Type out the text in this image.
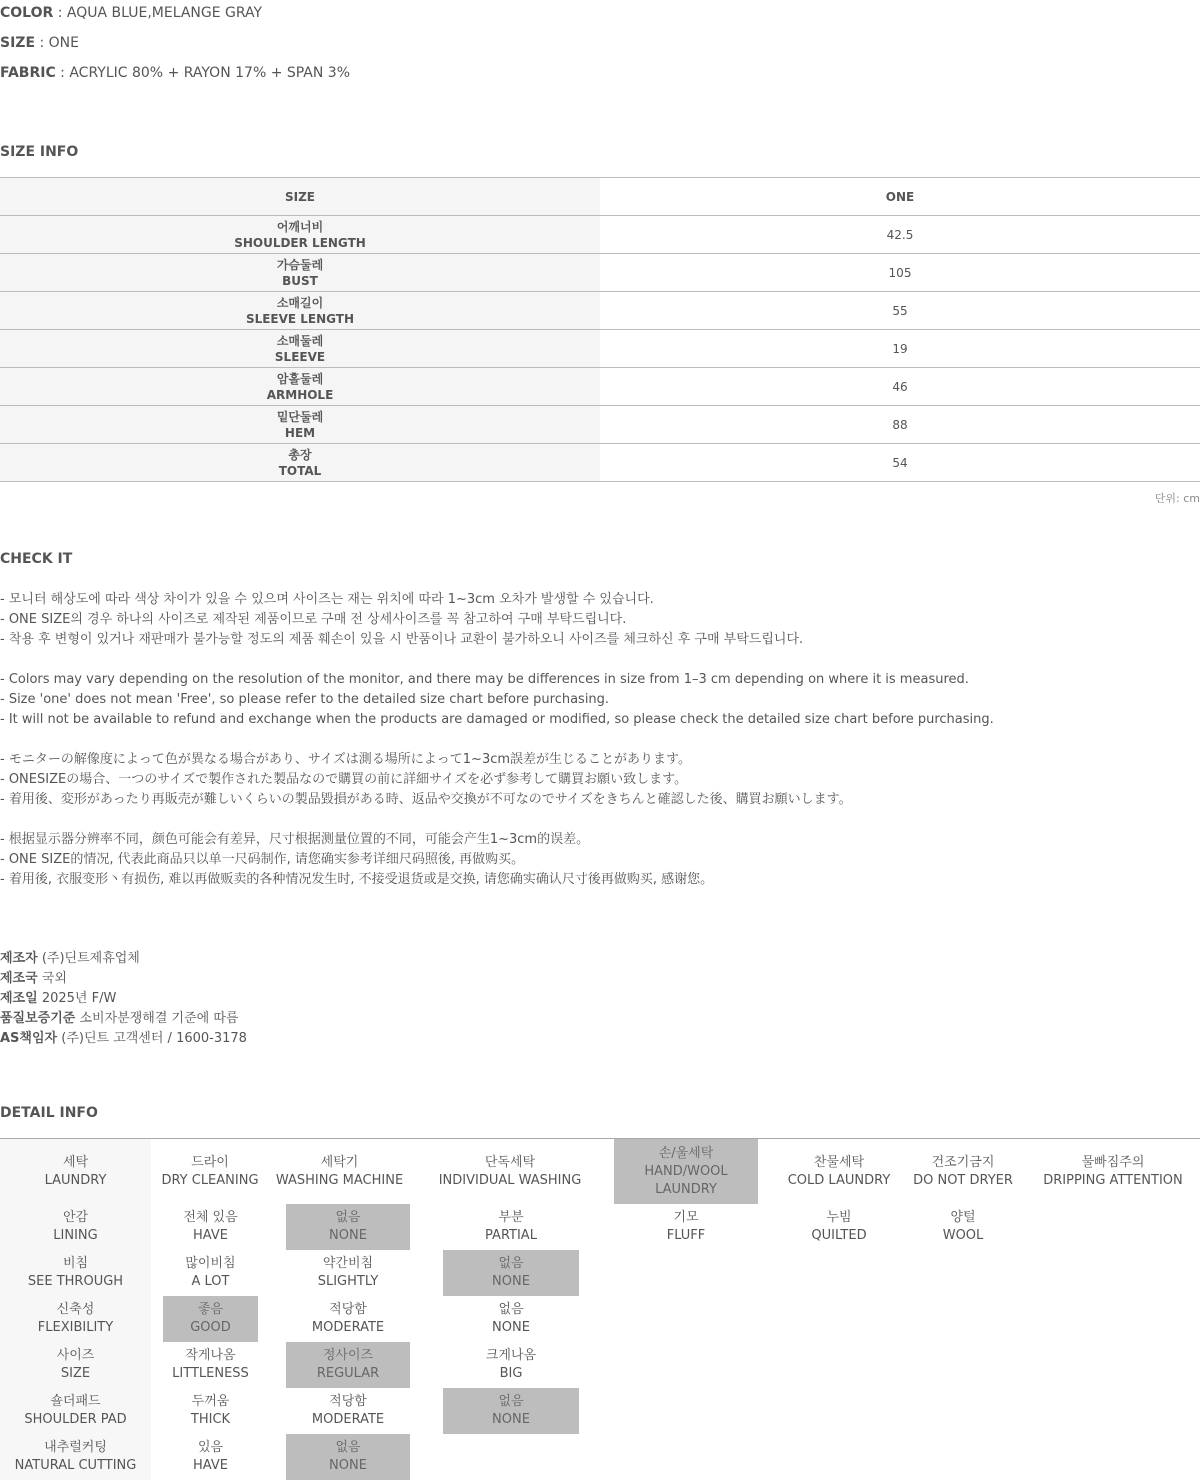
COLOR : AQUA BLUE,MELANGE GRAY
SIZE : ONE
FABRIC : ACRYLIC 80% + RAYON 17% + SPAN 3%
SIZE INFO
SIZE	ONE
어깨너비
SHOULDER LENGTH
42.5
가슴둘레
BUST
105
소매길이
SLEEVE LENGTH
55
소매둘레
SLEEVE
19
암홀둘레
ARMHOLE
46
밑단둘레
HEM
88
총장
TOTAL
54
단위: cm
CHECK IT
- 모니터 해상도에 따라 색상 차이가 있을 수 있으며 사이즈는 재는 위치에 따라 1~3cm 오차가 발생할 수 있습니다.
- ONE SIZE의 경우 하나의 사이즈로 제작된 제품이므로 구매 전 상세사이즈를 꼭 참고하여 구매 부탁드립니다.
- 착용 후 변형이 있거나 재판매가 불가능할 정도의 제품 훼손이 있을 시 반품이나 교환이 불가하오니 사이즈를 체크하신 후 구매 부탁드립니다.
- Colors may vary depending on the resolution of the monitor, and there may be differences in size from 1–3 cm depending on where it is measured.
- Size 'one' does not mean 'Free', so please refer to the detailed size chart before purchasing.
- It will not be available to refund and exchange when the products are damaged or modified, so please check the detailed size chart before purchasing.
- モニターの解像度によって色が異なる場合があり、サイズは測る場所によって1~3cm誤差が生じることがあります。
- ONESIZEの場合、一つのサイズで製作された製品なので購買の前に詳細サイズを必ず参考して購買お願い致します。
- 着用後、変形があったり再販売が難しいくらいの製品毀損がある時、返品や交換が不可なのでサイズをきちんと確認した後、購買お願いします。
- 根据显示器分辨率不同，颜色可能会有差异，尺寸根据测量位置的不同，可能会产生1~3cm的误差。
- ONE SIZE的情况, 代表此商品只以单一尺码制作, 请您确实参考详细尺码照後, 再做购买。
- 着用後, 衣服变形丶有损伤, 难以再做贩卖的各种情况发生时, 不接受退货或是交换, 请您确实确认尺寸後再做购买, 感谢您。
제조자 (주)딘트제휴업체
제조국 국외
제조일 2025년 F/W
품질보증기준 소비자분쟁해결 기준에 따름
AS책임자 (주)딘트 고객센터 / 1600-3178
DETAIL INFO
세탁
LAUNDRY
드라이
DRY CLEANING
세탁기
WASHING MACHINE
단독세탁
INDIVIDUAL WASHING
손/울세탁
HAND/WOOL LAUNDRY
찬물세탁
COLD LAUNDRY
건조기금지
DO NOT DRYER
물빠짐주의
DRIPPING ATTENTION
안감
LINING
전체 있음
HAVE
없음
NONE
부분
PARTIAL
기모
FLUFF
누빔
QUILTED
양털
WOOL
비침
SEE THROUGH
많이비침
A LOT
약간비침
SLIGHTLY
없음
NONE
신축성
FLEXIBILITY
좋음
GOOD
적당함
MODERATE
없음
NONE
사이즈
SIZE
작게나옴
LITTLENESS
정사이즈
REGULAR
크게나옴
BIG
숄더패드
SHOULDER PAD
두꺼움
THICK
적당함
MODERATE
없음
NONE
내추럴커팅
NATURAL CUTTING
있음
HAVE
없음
NONE
